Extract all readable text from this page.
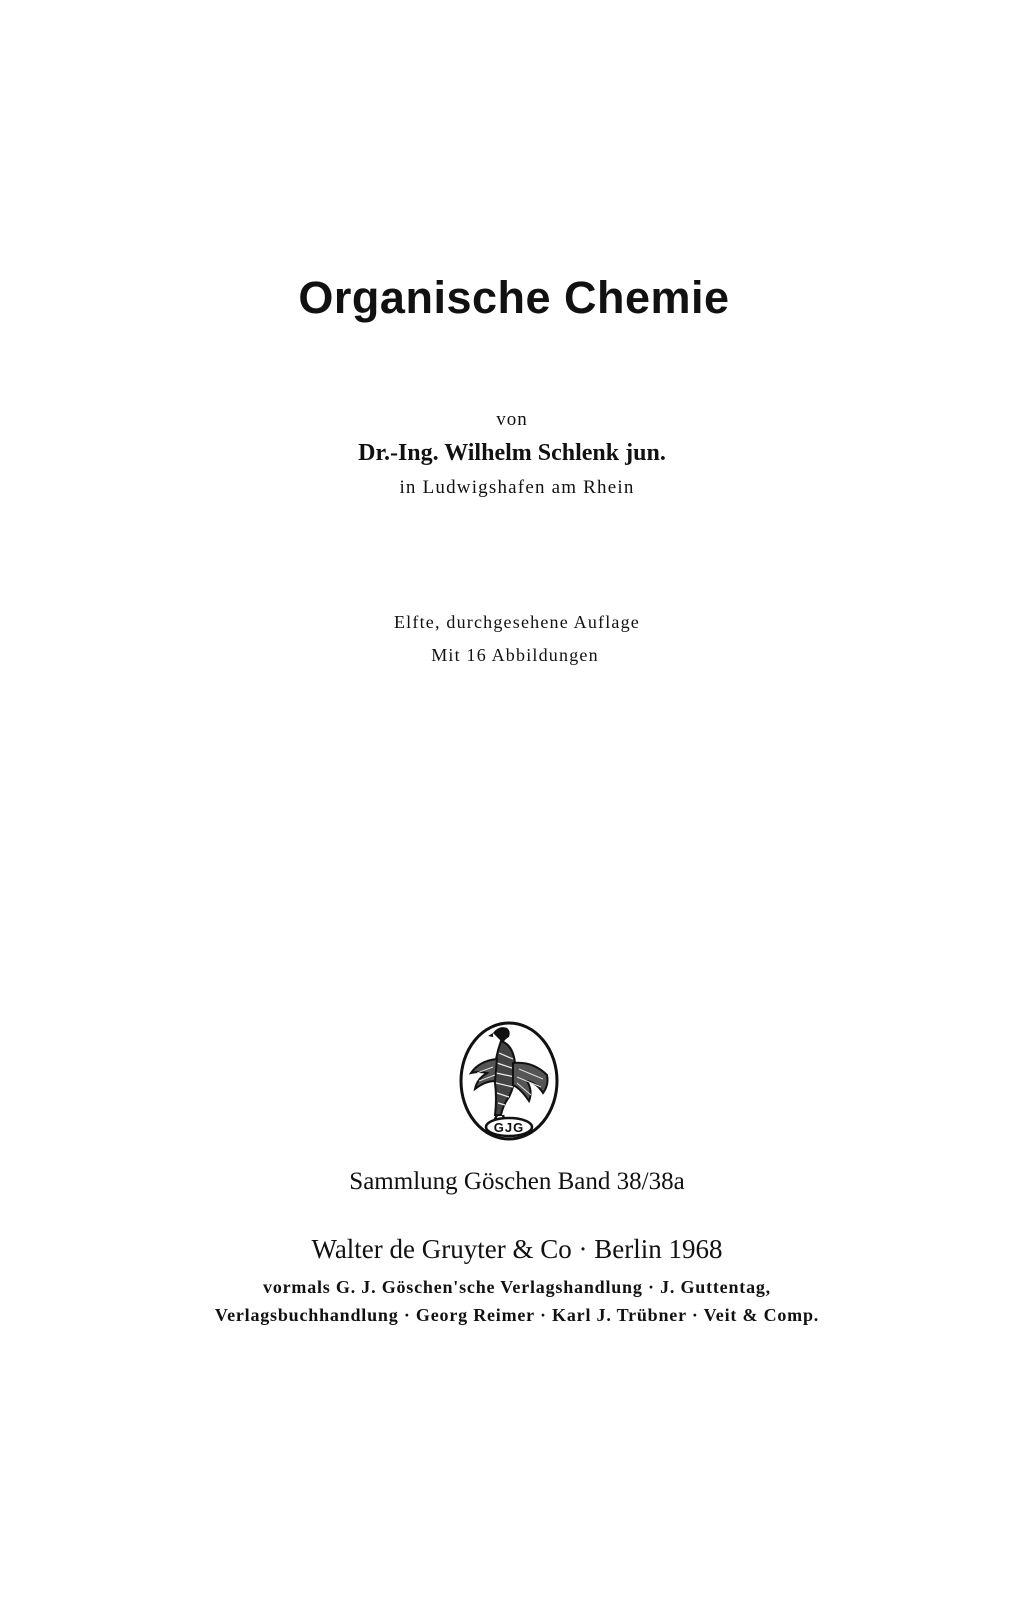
Organische Chemie
von
Dr.-Ing. Wilhelm Schlenk jun.
in Ludwigshafen am Rhein
Elfte, durchgesehene Auflage
Mit 16 Abbildungen
GJG
Sammlung Göschen Band 38/38a
Walter de Gruyter & Co · Berlin 1968
vormals G. J. Göschen'sche Verlagshandlung · J. Guttentag,
Verlagsbuchhandlung · Georg Reimer · Karl J. Trübner · Veit & Comp.
